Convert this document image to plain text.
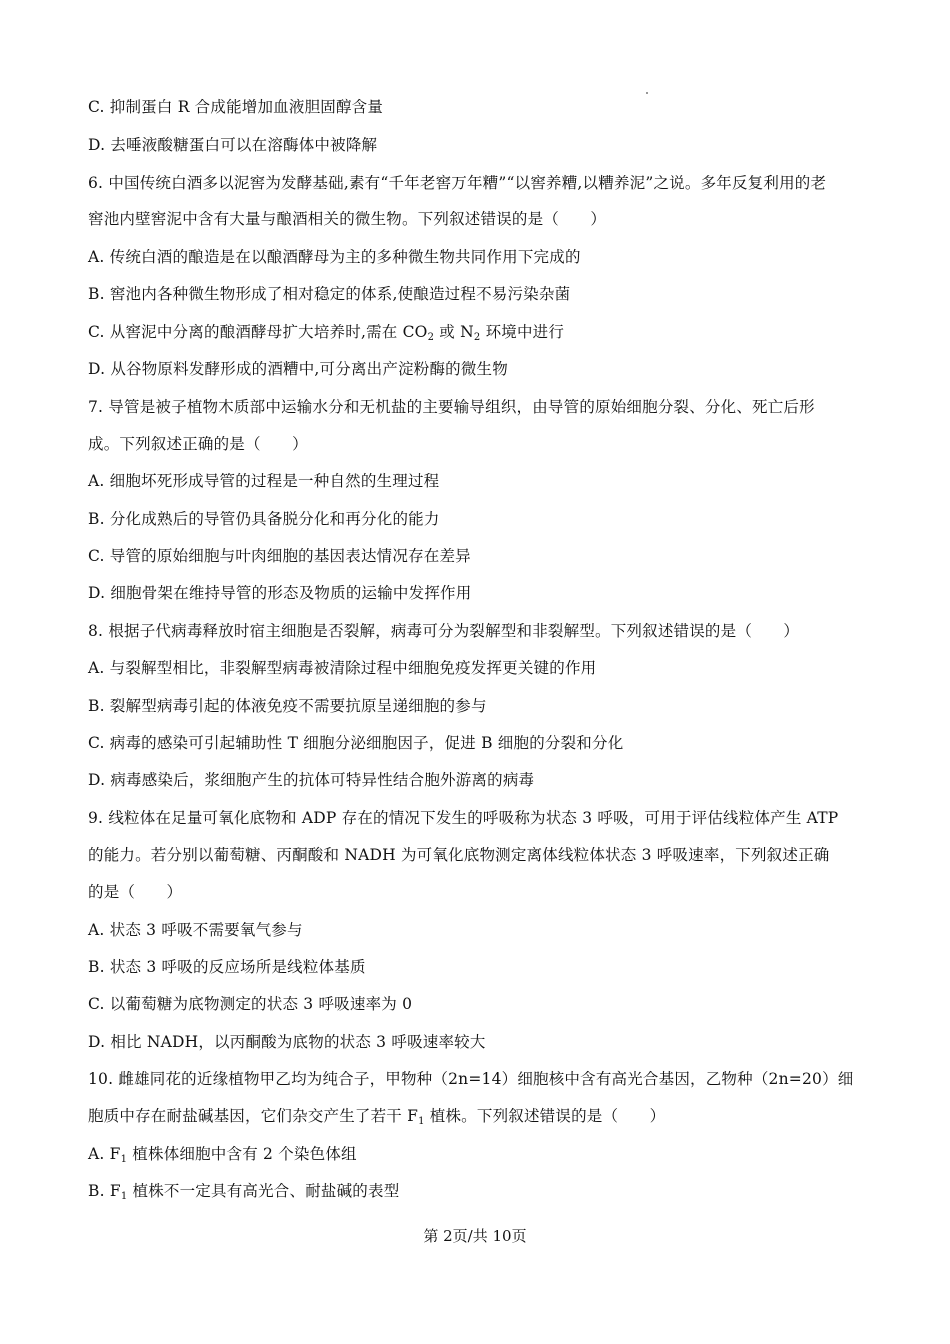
C. 抑制蛋白 R 合成能增加血液胆固醇含量
D. 去唾液酸糖蛋白可以在溶酶体中被降解
6. 中国传统白酒多以泥窖为发酵基础,素有“千年老窖万年糟”“以窖养糟,以糟养泥”之说。多年反复利用的老
窖池内壁窖泥中含有大量与酿酒相关的微生物。下列叙述错误的是（　　）
A. 传统白酒的酿造是在以酿酒酵母为主的多种微生物共同作用下完成的
B. 窖池内各种微生物形成了相对稳定的体系,使酿造过程不易污染杂菌
C. 从窖泥中分离的酿酒酵母扩大培养时,需在 $CO_2$ 或 $N_2$ 环境中进行
D. 从谷物原料发酵形成的酒糟中,可分离出产淀粉酶的微生物
7. 导管是被子植物木质部中运输水分和无机盐的主要输导组织，由导管的原始细胞分裂、分化、死亡后形
成。下列叙述正确的是（　　）
A. 细胞坏死形成导管的过程是一种自然的生理过程
B. 分化成熟后的导管仍具备脱分化和再分化的能力
C. 导管的原始细胞与叶肉细胞的基因表达情况存在差异
D. 细胞骨架在维持导管的形态及物质的运输中发挥作用
8. 根据子代病毒释放时宿主细胞是否裂解，病毒可分为裂解型和非裂解型。下列叙述错误的是（　　）
A. 与裂解型相比，非裂解型病毒被清除过程中细胞免疫发挥更关键的作用
B. 裂解型病毒引起的体液免疫不需要抗原呈递细胞的参与
C. 病毒的感染可引起辅助性 T 细胞分泌细胞因子，促进 B 细胞的分裂和分化
D. 病毒感染后，浆细胞产生的抗体可特异性结合胞外游离的病毒
9. 线粒体在足量可氧化底物和 ADP 存在的情况下发生的呼吸称为状态 3 呼吸，可用于评估线粒体产生 ATP
的能力。若分别以葡萄糖、丙酮酸和 NADH 为可氧化底物测定离体线粒体状态 3 呼吸速率，下列叙述正确
的是（　　）
A. 状态 3 呼吸不需要氧气参与
B. 状态 3 呼吸的反应场所是线粒体基质
C. 以葡萄糖为底物测定的状态 3 呼吸速率为 0
D. 相比 NADH，以丙酮酸为底物的状态 3 呼吸速率较大
10. 雌雄同花的近缘植物甲乙均为纯合子，甲物种（2n=14）细胞核中含有高光合基因，乙物种（2n=20）细
胞质中存在耐盐碱基因，它们杂交产生了若干 $F_1$ 植株。下列叙述错误的是（　　）
A. $F_1$ 植株体细胞中含有 2 个染色体组
B. $F_1$ 植株不一定具有高光合、耐盐碱的表型
第 2页/共 10页
